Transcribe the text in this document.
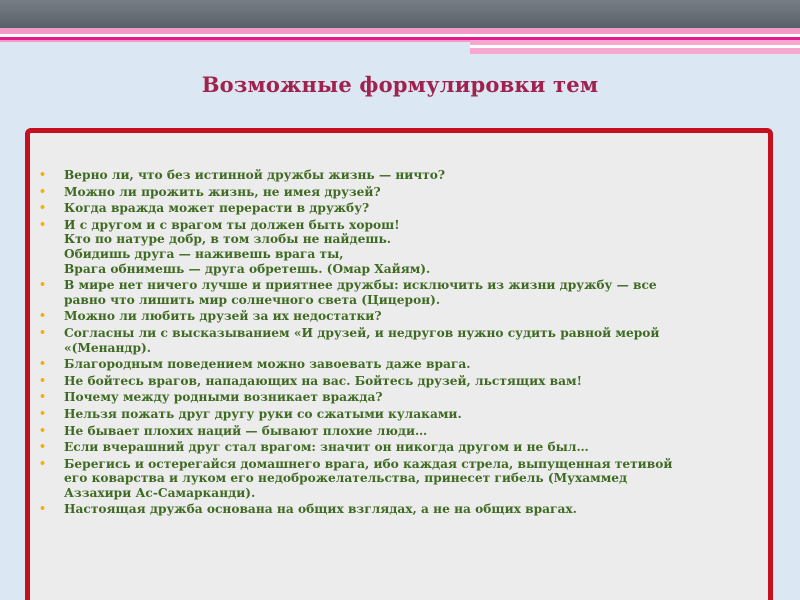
Возможные формулировки тем
• Верно ли, что без истинной дружбы жизнь — ничто?
• Можно ли прожить жизнь, не имея друзей?
• Когда вражда может перерасти в дружбу?
• И с другом и с врагом ты должен быть хорош!
Кто по натуре добр, в том злобы не найдешь.
Обидишь друга — наживешь врага ты,
Врага обнимешь — друга обретешь. (Омар Хайям).
• В мире нет ничего лучше и приятнее дружбы: исключить из жизни дружбу — все
равно что лишить мир солнечного света (Цицерон).
• Можно ли любить друзей за их недостатки?
• Согласны ли с высказыванием «И друзей, и недругов нужно судить равной мерой
«(Менандр).
• Благородным поведением можно завоевать даже врага.
• Не бойтесь врагов, нападающих на вас. Бойтесь друзей, льстящих вам!
• Почему между родными возникает вражда?
• Нельзя пожать друг другу руки со сжатыми кулаками.
• Не бывает плохих наций — бывают плохие люди…
• Если вчерашний друг стал врагом: значит он никогда другом и не был…
• Берегись и остерегайся домашнего врага, ибо каждая стрела, выпущенная тетивой
его коварства и луком его недоброжелательства, принесет гибель (Мухаммед
Аззахири Ас-Самарканди).
• Настоящая дружба основана на общих взглядах, а не на общих врагах.
